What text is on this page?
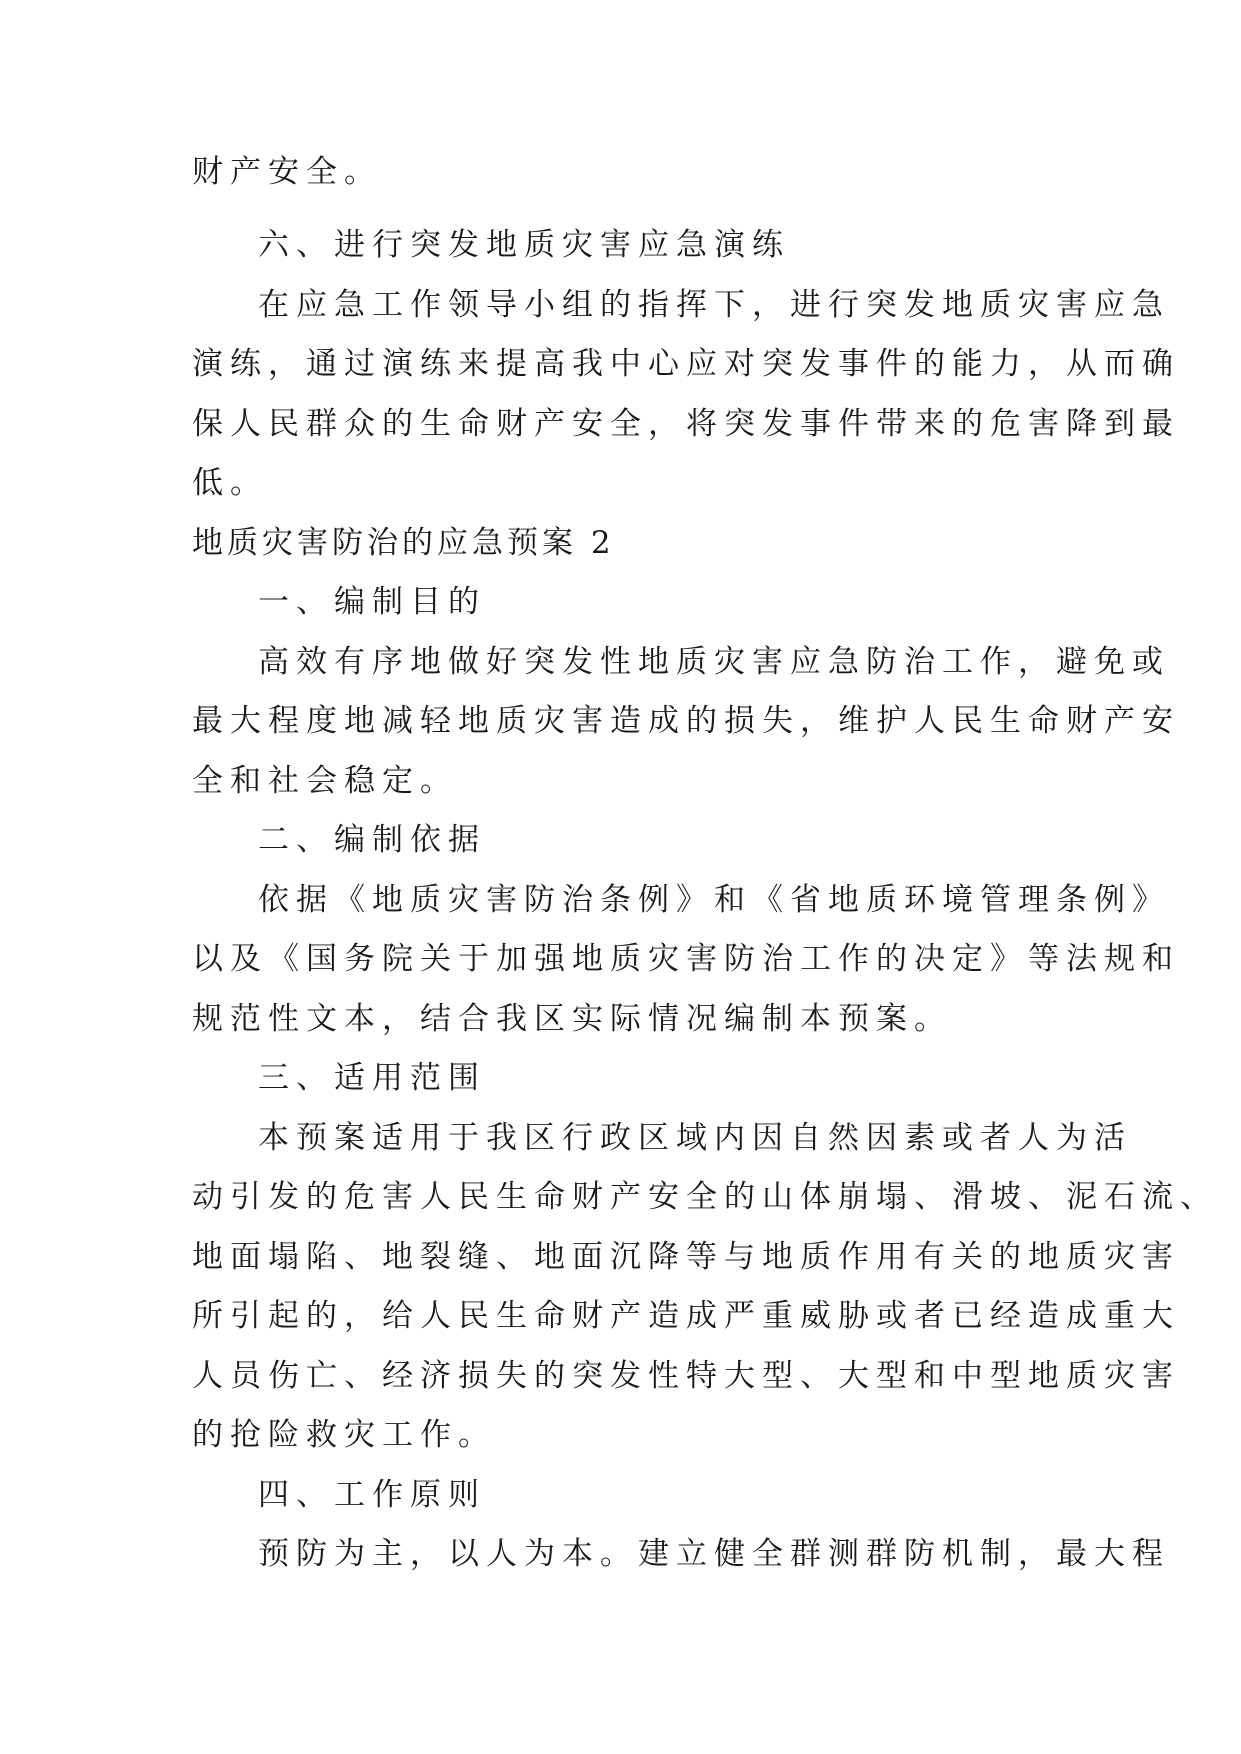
财产安全。
六、进行突发地质灾害应急演练
在应急工作领导小组的指挥下，进行突发地质灾害应急
演练，通过演练来提高我中心应对突发事件的能力，从而确
保人民群众的生命财产安全，将突发事件带来的危害降到最
低。
地质灾害防治的应急预案 2
一、编制目的
高效有序地做好突发性地质灾害应急防治工作，避免或
最大程度地减轻地质灾害造成的损失，维护人民生命财产安
全和社会稳定。
二、编制依据
依据《地质灾害防治条例》和《省地质环境管理条例》
以及《国务院关于加强地质灾害防治工作的决定》等法规和
规范性文本，结合我区实际情况编制本预案。
三、适用范围
本预案适用于我区行政区域内因自然因素或者人为活
动引发的危害人民生命财产安全的山体崩塌、滑坡、泥石流、
地面塌陷、地裂缝、地面沉降等与地质作用有关的地质灾害
所引起的，给人民生命财产造成严重威胁或者已经造成重大
人员伤亡、经济损失的突发性特大型、大型和中型地质灾害
的抢险救灾工作。
四、工作原则
预防为主，以人为本。建立健全群测群防机制，最大程
